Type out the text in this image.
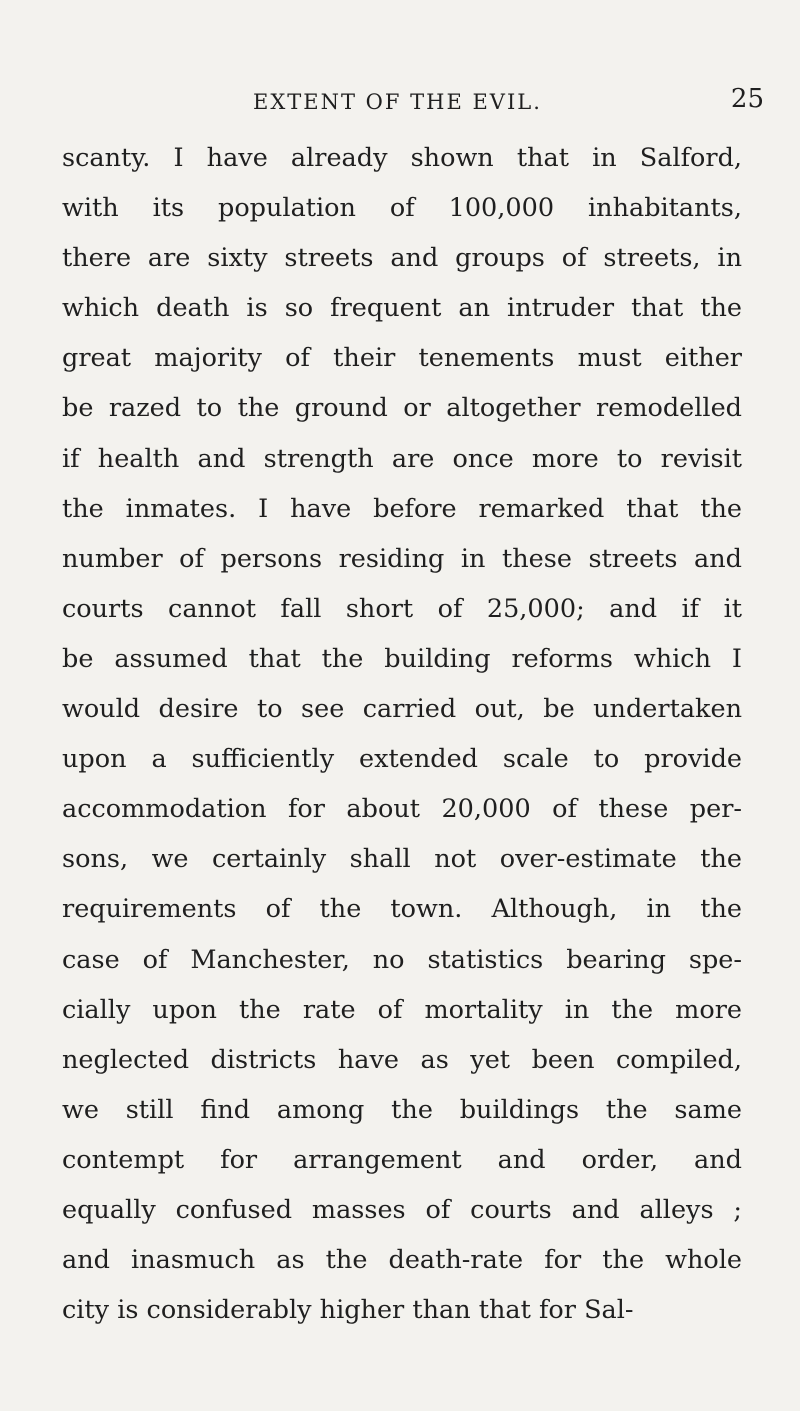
EXTENT OF THE EVIL.	25
scanty. I have already shown that in Salford,
with its population of 100,000 inhabitants,
there are sixty streets and groups of streets, in
which death is so frequent an intruder that the
great majority of their tenements must either
be razed to the ground or altogether remodelled
if health and strength are once more to revisit
the inmates. I have before remarked that the
number of persons residing in these streets and
courts cannot fall short of 25,000; and if it
be assumed that the building reforms which I
would desire to see carried out, be undertaken
upon a sufficiently extended scale to provide
accommodation for about 20,000 of these per-
sons, we certainly shall not over-estimate the
requirements of the town. Although, in the
case of Manchester, no statistics bearing spe-
cially upon the rate of mortality in the more
neglected districts have as yet been compiled,
we still find among the buildings the same
contempt for arrangement and order, and
equally confused masses of courts and alleys ;
and inasmuch as the death-rate for the whole
city is considerably higher than that for Sal-
